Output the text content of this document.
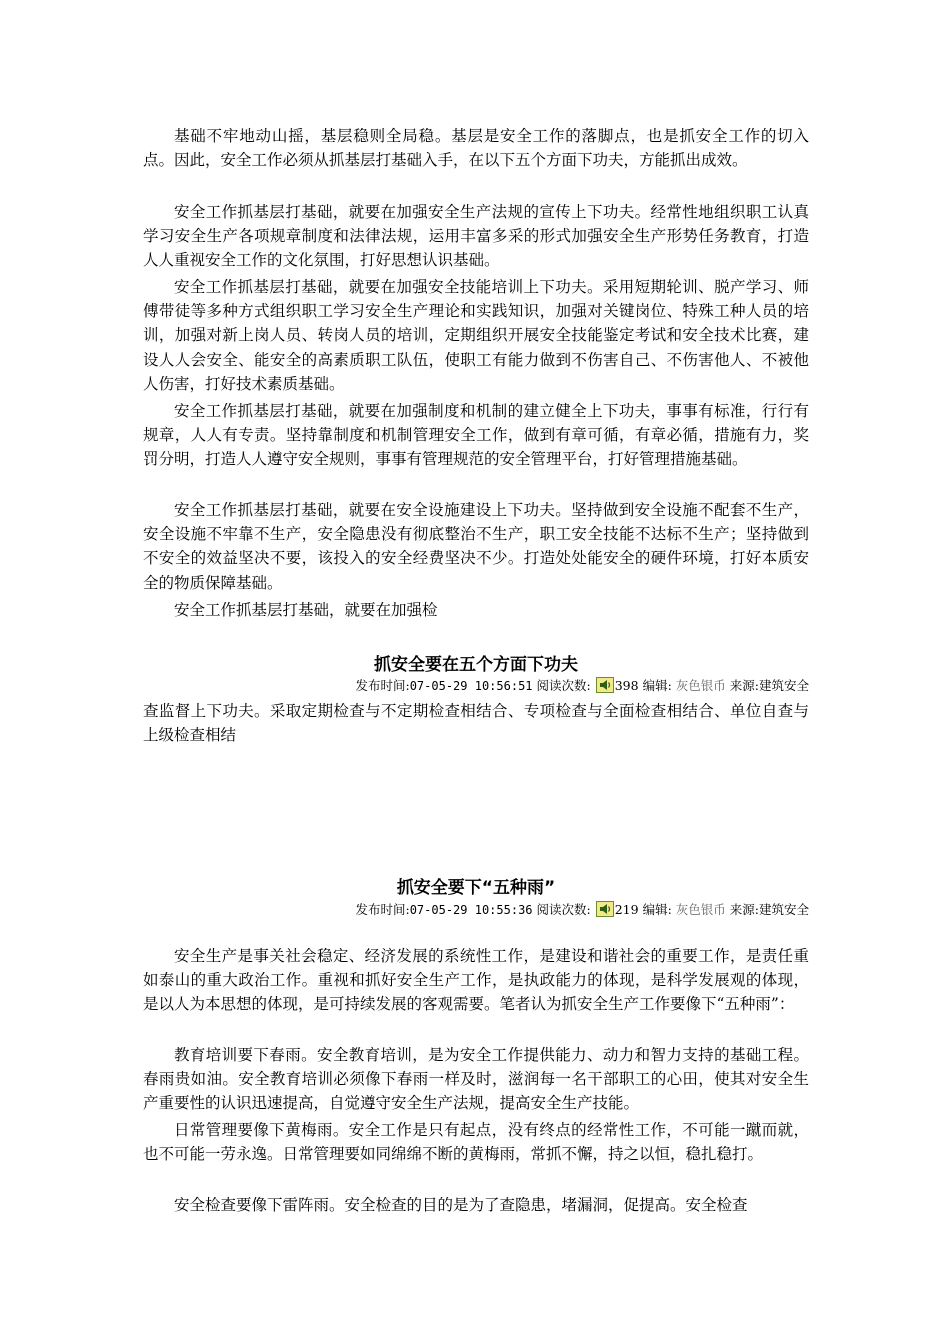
基础不牢地动山摇，基层稳则全局稳。基层是安全工作的落脚点，也是抓安全工作的切入点。因此，安全工作必须从抓基层打基础入手，在以下五个方面下功夫，方能抓出成效。

安全工作抓基层打基础，就要在加强安全生产法规的宣传上下功夫。经常性地组织职工认真学习安全生产各项规章制度和法律法规，运用丰富多采的形式加强安全生产形势任务教育，打造人人重视安全工作的文化氛围，打好思想认识基础。

安全工作抓基层打基础，就要在加强安全技能培训上下功夫。采用短期轮训、脱产学习、师傅带徒等多种方式组织职工学习安全生产理论和实践知识，加强对关键岗位、特殊工种人员的培训，加强对新上岗人员、转岗人员的培训，定期组织开展安全技能鉴定考试和安全技术比赛，建设人人会安全、能安全的高素质职工队伍，使职工有能力做到不伤害自己、不伤害他人、不被他人伤害，打好技术素质基础。

安全工作抓基层打基础，就要在加强制度和机制的建立健全上下功夫，事事有标准，行行有规章，人人有专责。坚持靠制度和机制管理安全工作，做到有章可循，有章必循，措施有力，奖罚分明，打造人人遵守安全规则，事事有管理规范的安全管理平台，打好管理措施基础。

安全工作抓基层打基础，就要在安全设施建设上下功夫。坚持做到安全设施不配套不生产，安全设施不牢靠不生产，安全隐患没有彻底整治不生产，职工安全技能不达标不生产；坚持做到不安全的效益坚决不要，该投入的安全经费坚决不少。打造处处能安全的硬件环境，打好本质安全的物质保障基础。

安全工作抓基层打基础，就要在加强检

抓安全要在五个方面下功夫
发布时间:07-05-29 10:56:51 阅读次数: 398 编辑: 灰色银币 来源:建筑安全

查监督上下功夫。采取定期检查与不定期检查相结合、专项检查与全面检查相结合、单位自查与上级检查相结

抓安全要下“五种雨”
发布时间:07-05-29 10:55:36 阅读次数: 219 编辑: 灰色银币 来源:建筑安全

安全生产是事关社会稳定、经济发展的系统性工作，是建设和谐社会的重要工作，是责任重如泰山的重大政治工作。重视和抓好安全生产工作，是执政能力的体现，是科学发展观的体现，是以人为本思想的体现，是可持续发展的客观需要。笔者认为抓安全生产工作要像下“五种雨”：

教育培训要下春雨。安全教育培训，是为安全工作提供能力、动力和智力支持的基础工程。春雨贵如油。安全教育培训必须像下春雨一样及时，滋润每一名干部职工的心田，使其对安全生产重要性的认识迅速提高，自觉遵守安全生产法规，提高安全生产技能。

日常管理要像下黄梅雨。安全工作是只有起点，没有终点的经常性工作，不可能一蹴而就，也不可能一劳永逸。日常管理要如同绵绵不断的黄梅雨，常抓不懈，持之以恒，稳扎稳打。

安全检查要像下雷阵雨。安全检查的目的是为了查隐患，堵漏洞，促提高。安全检查
